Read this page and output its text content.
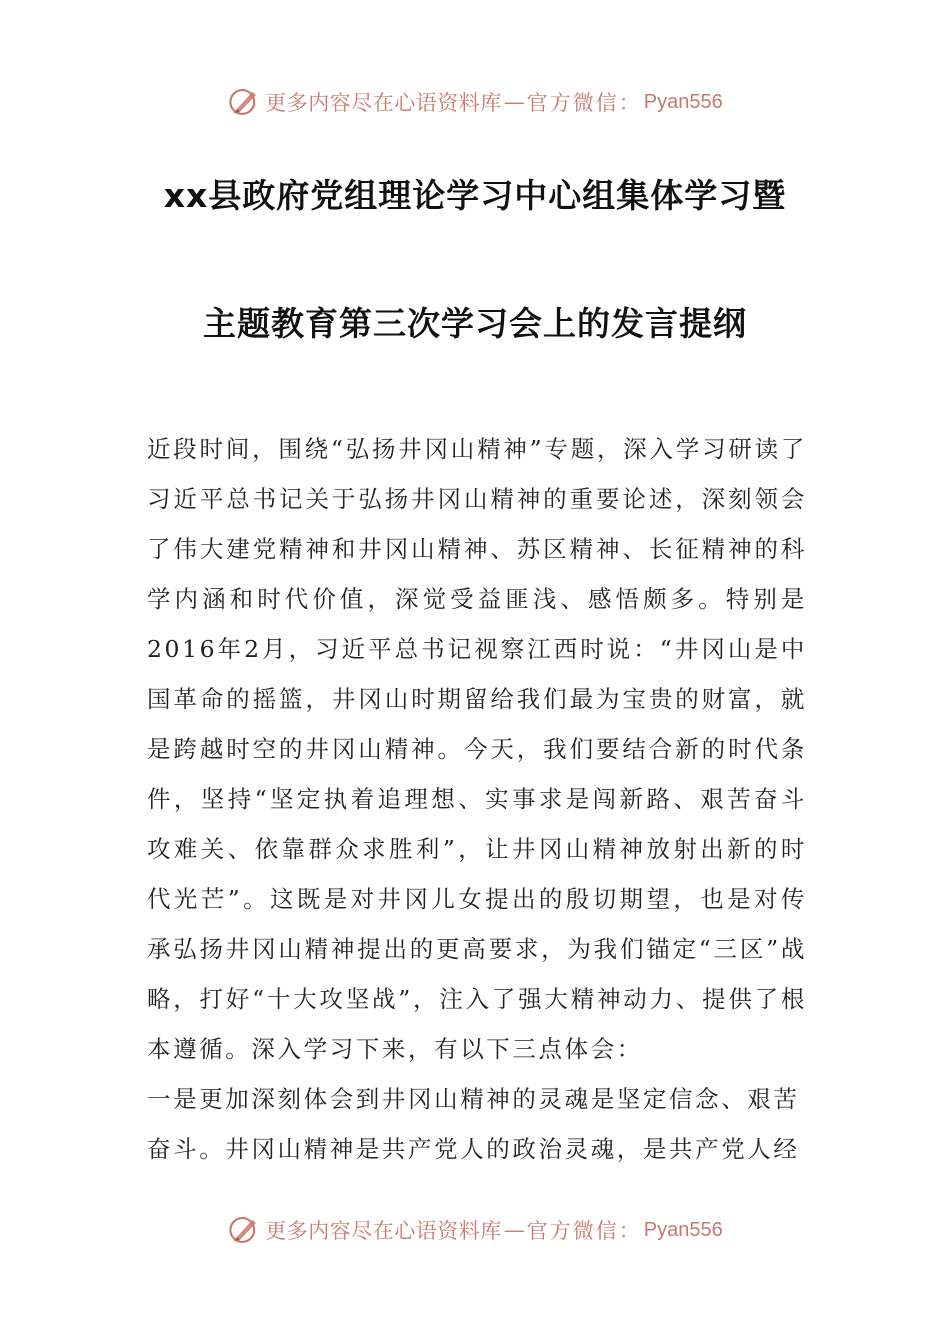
更多内容尽在心语资料库 — 官方微信： Pyan556
xx县政府党组理论学习中心组集体学习暨
主题教育第三次学习会上的发言提纲

近段时间，围绕“弘扬井冈山精神”专题，深入学习研读了习近平总书记关于弘扬井冈山精神的重要论述，深刻领会了伟大建党精神和井冈山精神、苏区精神、长征精神的科学内涵和时代价值，深觉受益匪浅、感悟颇多。特别是2016年2月，习近平总书记视察江西时说：“井冈山是中国革命的摇篮，井冈山时期留给我们最为宝贵的财富，就是跨越时空的井冈山精神。今天，我们要结合新的时代条件，坚持“坚定执着追理想、实事求是闯新路、艰苦奋斗攻难关、依靠群众求胜利”，让井冈山精神放射出新的时代光芒”。这既是对井冈儿女提出的殷切期望，也是对传承弘扬井冈山精神提出的更高要求，为我们锚定“三区”战略，打好“十大攻坚战”，注入了强大精神动力、提供了根本遵循。深入学习下来，有以下三点体会：

一是更加深刻体会到井冈山精神的灵魂是坚定信念、艰苦奋斗。井冈山精神是共产党人的政治灵魂，是共产党人经

更多内容尽在心语资料库 — 官方微信： Pyan556
